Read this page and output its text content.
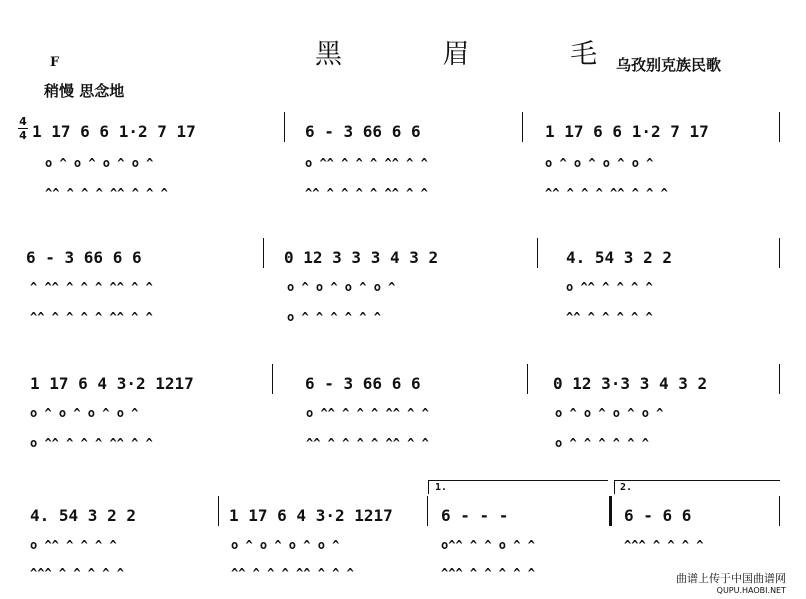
黑 眉 毛
F	乌孜别克族民歌
稍慢 思念地
4
4 1 17 6 6 1·2 7 17	6 - 3 66 6 6	1 17 6 6 1·2 7 17
o ^ o ^ o ^ o ^	o ^^ ^ ^ ^ ^^ ^ ^	o ^ o ^ o ^ o ^
^^ ^ ^ ^ ^^ ^ ^ ^	^^ ^ ^ ^ ^ ^^ ^ ^	^^ ^ ^ ^ ^^ ^ ^ ^
6 - 3 66 6 6	0 12 3 3 3 4 3 2	4. 54 3 2 2
^ ^^ ^ ^ ^ ^^ ^ ^	o ^ o ^ o ^ o ^	o ^^ ^ ^ ^ ^
^^ ^ ^ ^ ^ ^^ ^ ^	o ^ ^ ^ ^ ^ ^	^^ ^ ^ ^ ^ ^
1 17 6 4 3·2 1217	6 - 3 66 6 6	0 12 3·3 3 4 3 2
o ^ o ^ o ^ o ^	o ^^ ^ ^ ^ ^^ ^ ^	o ^ o ^ o ^ o ^
o ^^ ^ ^ ^ ^^ ^ ^	^^ ^ ^ ^ ^ ^^ ^ ^	o ^ ^ ^ ^ ^ ^
4. 54 3 2 2	1 17 6 4 3·2 1217	6 - - -	6 - 6 6
o ^^ ^ ^ ^ ^	o ^ o ^ o ^ o ^	o^^ ^ ^ o ^ ^	^^^ ^ ^ ^ ^
^^^ ^ ^ ^ ^ ^	^^ ^ ^ ^ ^^ ^ ^ ^	^^^ ^ ^ ^ ^ ^
1.	2.
曲谱上传于中国曲谱网
QUPU.HAOBI.NET
